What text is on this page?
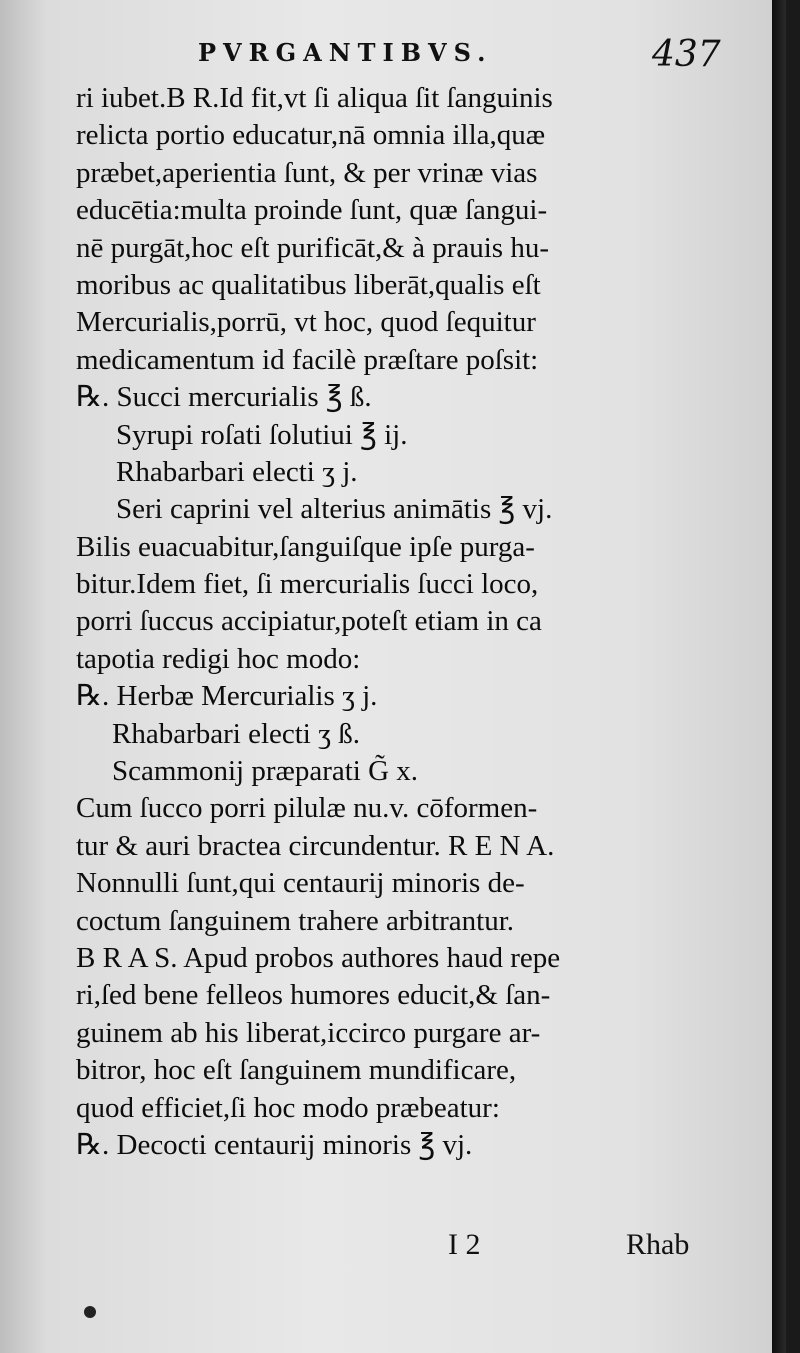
PVRGANTIBVS.	437
ri iubet.B R.Id fit,vt ſi aliqua ſit ſanguinis
relicta portio educatur,nā omnia illa,quæ
præbet,aperientia ſunt, & per vrinæ vias
educētia:multa proinde ſunt, quæ ſangui-
nē purgāt,hoc eſt purificāt,& à prauis hu-
moribus ac qualitatibus liberāt,qualis eſt
Mercurialis,porrū, vt hoc, quod ſequitur
medicamentum id facilè præſtare poſsit:
℞. Succi mercurialis ℥ ß.
Syrupi roſati ſolutiui ℥ ij.
Rhabarbari electi ʒ j.
Seri caprini vel alterius animātis ℥ vj.
Bilis euacuabitur,ſanguiſque ipſe purga-
bitur.Idem fiet, ſi mercurialis ſucci loco,
porri ſuccus accipiatur,poteſt etiam in ca
tapotia redigi hoc modo:
℞. Herbæ Mercurialis ʒ j.
Rhabarbari electi ʒ ß.
Scammonij præparati G̃ x.
Cum ſucco porri pilulæ nu.v. cōformen-
tur & auri bractea circundentur. R E N A.
Nonnulli ſunt,qui centaurij minoris de-
coctum ſanguinem trahere arbitrantur.
B R A S. Apud probos authores haud repe
ri,ſed bene felleos humores educit,& ſan-
guinem ab his liberat,iccirco purgare ar-
bitror, hoc eſt ſanguinem mundificare,
quod efficiet,ſi hoc modo præbeatur:
℞. Decocti centaurij minoris ℥ vj.
I 2	Rhab
